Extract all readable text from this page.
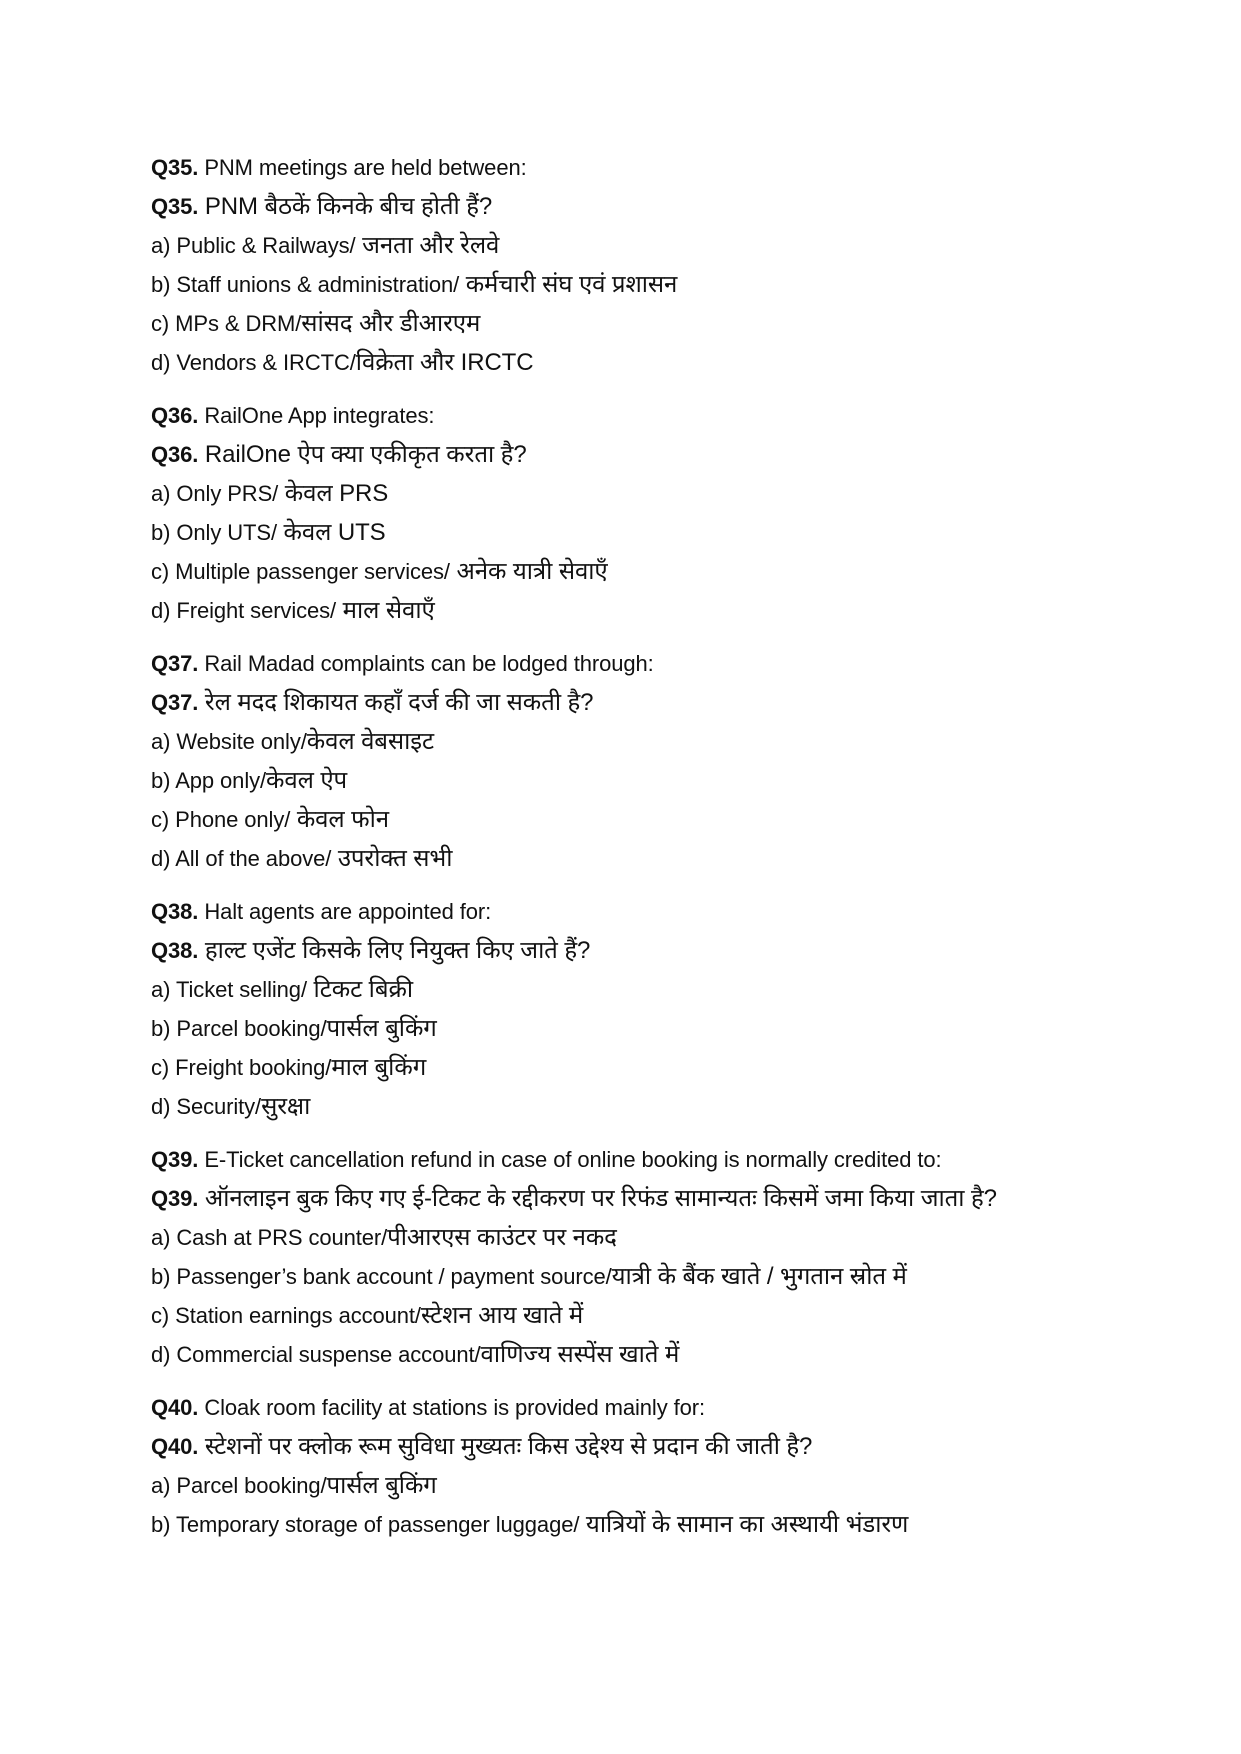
Q35. PNM meetings are held between:
Q35. PNM बैठकें किनके बीच होती हैं?
a) Public & Railways/ जनता और रेलवे
b) Staff unions & administration/ कर्मचारी संघ एवं प्रशासन
c) MPs & DRM/सांसद और डीआरएम
d) Vendors & IRCTC/विक्रेता और IRCTC
Q36. RailOne App integrates:
Q36. RailOne ऐप क्या एकीकृत करता है?
a) Only PRS/ केवल PRS
b) Only UTS/ केवल UTS
c) Multiple passenger services/ अनेक यात्री सेवाएँ
d) Freight services/ माल सेवाएँ
Q37. Rail Madad complaints can be lodged through:
Q37. रेल मदद शिकायत कहाँ दर्ज की जा सकती है?
a) Website only/केवल वेबसाइट
b) App only/केवल ऐप
c) Phone only/ केवल फोन
d) All of the above/ उपरोक्त सभी
Q38. Halt agents are appointed for:
Q38. हाल्ट एजेंट किसके लिए नियुक्त किए जाते हैं?
a) Ticket selling/ टिकट बिक्री
b) Parcel booking/पार्सल बुकिंग
c) Freight booking/माल बुकिंग
d) Security/सुरक्षा
Q39. E-Ticket cancellation refund in case of online booking is normally credited to:
Q39. ऑनलाइन बुक किए गए ई-टिकट के रद्दीकरण पर रिफंड सामान्यतः किसमें जमा किया जाता है?
a) Cash at PRS counter/पीआरएस काउंटर पर नकद
b) Passenger’s bank account / payment source/यात्री के बैंक खाते / भुगतान स्रोत में
c) Station earnings account/स्टेशन आय खाते में
d) Commercial suspense account/वाणिज्य सस्पेंस खाते में
Q40. Cloak room facility at stations is provided mainly for:
Q40. स्टेशनों पर क्लोक रूम सुविधा मुख्यतः किस उद्देश्य से प्रदान की जाती है?
a) Parcel booking/पार्सल बुकिंग
b) Temporary storage of passenger luggage/ यात्रियों के सामान का अस्थायी भंडारण
